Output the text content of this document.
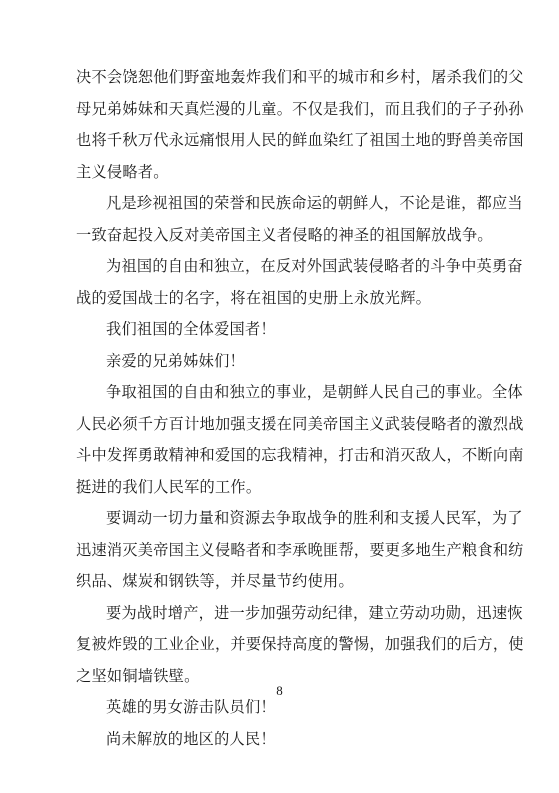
决不会饶恕他们野蛮地轰炸我们和平的城市和乡村，屠杀我们的父
母兄弟姊妹和天真烂漫的儿童。不仅是我们，而且我们的子子孙孙
也将千秋万代永远痛恨用人民的鲜血染红了祖国土地的野兽美帝国
主义侵略者。
凡是珍视祖国的荣誉和民族命运的朝鲜人，不论是谁，都应当
一致奋起投入反对美帝国主义者侵略的神圣的祖国解放战争。
为祖国的自由和独立，在反对外国武装侵略者的斗争中英勇奋
战的爱国战士的名字，将在祖国的史册上永放光辉。
我们祖国的全体爱国者！
亲爱的兄弟姊妹们！
争取祖国的自由和独立的事业，是朝鲜人民自己的事业。全体
人民必须千方百计地加强支援在同美帝国主义武装侵略者的激烈战
斗中发挥勇敢精神和爱国的忘我精神，打击和消灭敌人，不断向南
挺进的我们人民军的工作。
要调动一切力量和资源去争取战争的胜利和支援人民军，为了
迅速消灭美帝国主义侵略者和李承晚匪帮，要更多地生产粮食和纺
织品、煤炭和钢铁等，并尽量节约使用。
要为战时增产，进一步加强劳动纪律，建立劳动功勋，迅速恢
复被炸毁的工业企业，并要保持高度的警惕，加强我们的后方，使
之坚如铜墙铁壁。
英雄的男女游击队员们！
尚未解放的地区的人民！
8
